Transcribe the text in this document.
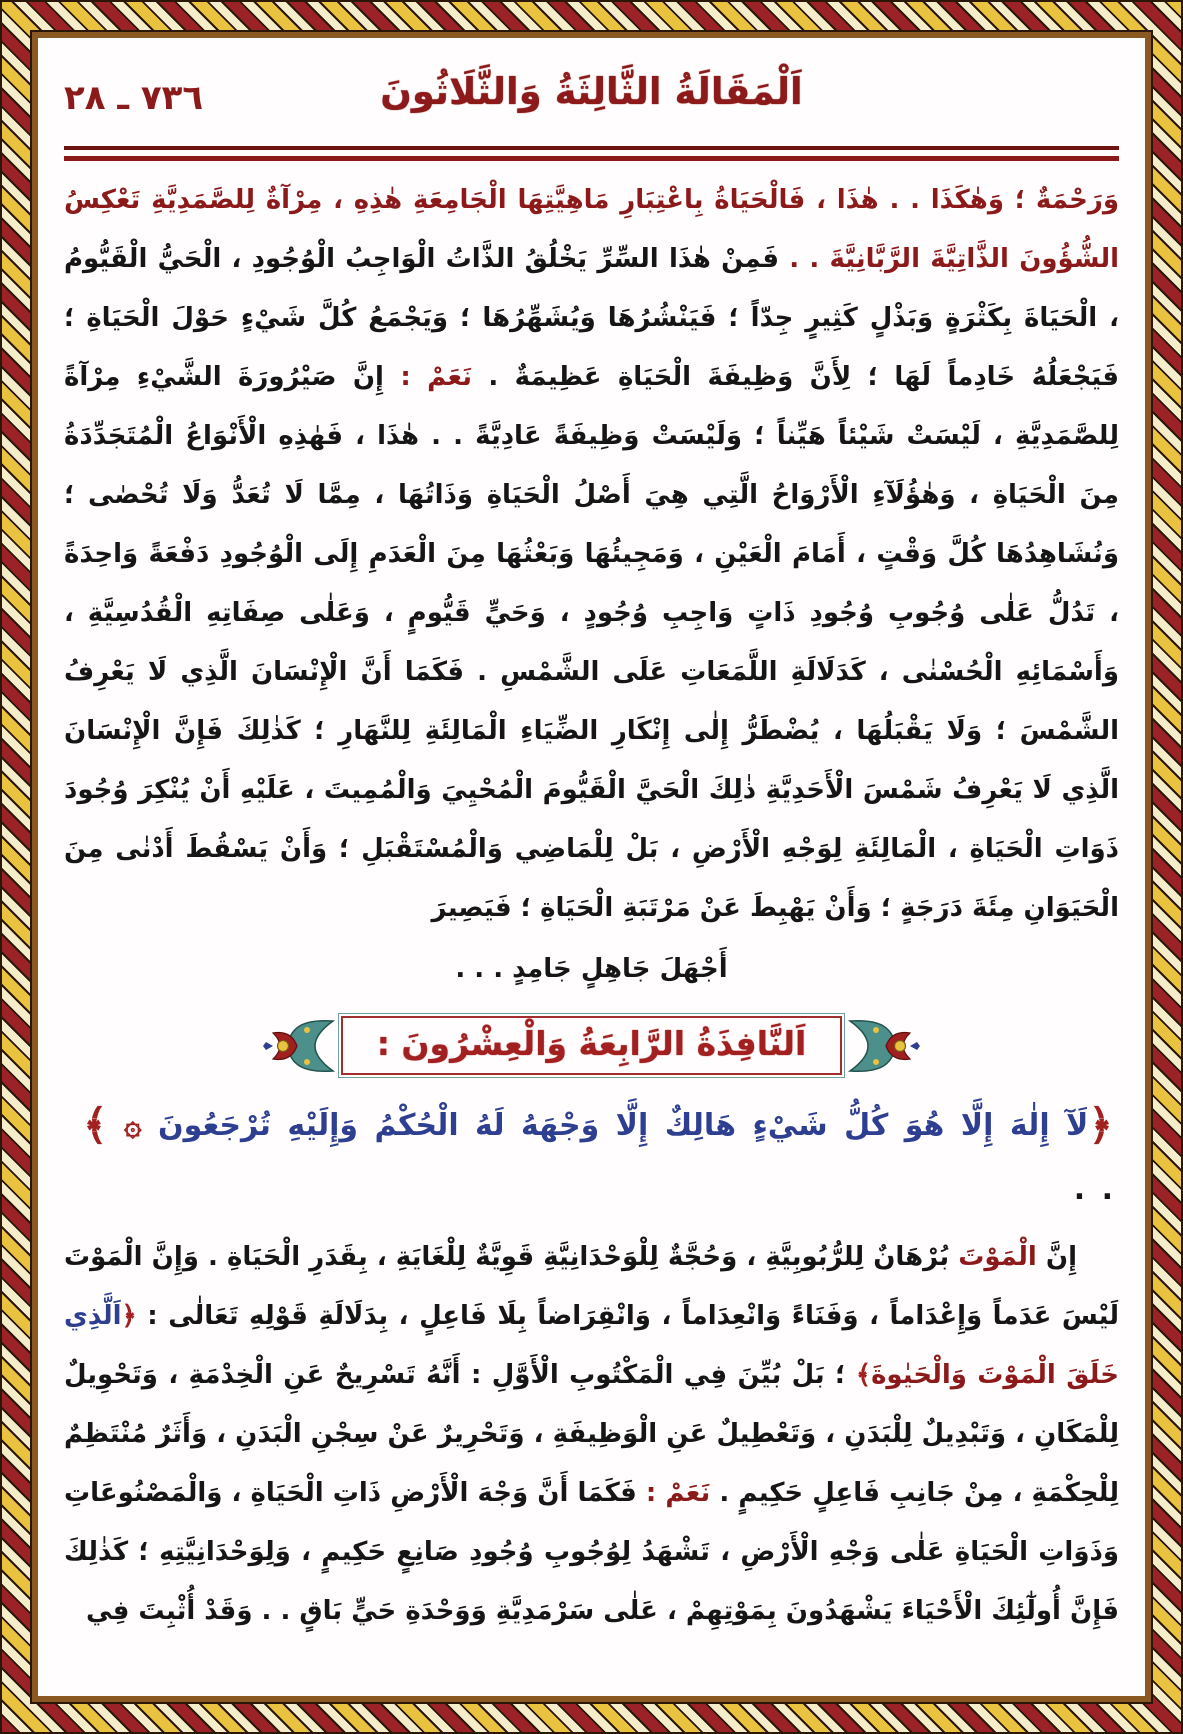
٧٣٦ ـ ٢٨	اَلْمَقَالَةُ الثَّالِثَةُ وَالثَّلَاثُونَ
وَرَحْمَةٌ ؛ وَهٰكَذَا . . هٰذَا ، فَالْحَيَاةُ بِاعْتِبَارِ مَاهِيَّتِهَا الْجَامِعَةِ هٰذِهِ ، مِرْآةٌ لِلصَّمَدِيَّةِ تَعْكِسُ الشُّؤُونَ الذَّاتِيَّةَ الرَّبَّانِيَّةَ . . فَمِنْ هٰذَا السِّرِّ يَخْلُقُ الذَّاتُ الْوَاجِبُ الْوُجُودِ ، الْحَيُّ الْقَيُّومُ ، الْحَيَاةَ بِكَثْرَةٍ وَبَذْلٍ كَثِيرٍ جِدّاً ؛ فَيَنْشُرُهَا وَيُشَهِّرُهَا ؛ وَيَجْمَعُ كُلَّ شَيْءٍ حَوْلَ الْحَيَاةِ ؛ فَيَجْعَلُهُ خَادِماً لَهَا ؛ لِأَنَّ وَظِيفَةَ الْحَيَاةِ عَظِيمَةٌ . نَعَمْ : إِنَّ صَيْرُورَةَ الشَّيْءِ مِرْآةً لِلصَّمَدِيَّةِ ، لَيْسَتْ شَيْئاً هَيِّناً ؛ وَلَيْسَتْ وَظِيفَةً عَادِيَّةً . . هٰذَا ، فَهٰذِهِ الْأَنْوَاعُ الْمُتَجَدِّدَةُ مِنَ الْحَيَاةِ ، وَهٰؤُلَآءِ الْأَرْوَاحُ الَّتِي هِيَ أَصْلُ الْحَيَاةِ وَذَاتُهَا ، مِمَّا لَا تُعَدُّ وَلَا تُحْصٰى ؛ وَنُشَاهِدُهَا كُلَّ وَقْتٍ ، أَمَامَ الْعَيْنِ ، وَمَجِيئُهَا وَبَعْثُهَا مِنَ الْعَدَمِ إِلَى الْوُجُودِ دَفْعَةً وَاحِدَةً ، تَدُلُّ عَلٰى وُجُوبِ وُجُودِ ذَاتٍ وَاجِبِ وُجُودٍ ، وَحَيٍّ قَيُّومٍ ، وَعَلٰى صِفَاتِهِ الْقُدُسِيَّةِ ، وَأَسْمَائِهِ الْحُسْنٰى ، كَدَلَالَةِ اللَّمَعَاتِ عَلَى الشَّمْسِ . فَكَمَا أَنَّ الْإِنْسَانَ الَّذِي لَا يَعْرِفُ الشَّمْسَ ؛ وَلَا يَقْبَلُهَا ، يُضْطَرُّ إِلٰى إِنْكَارِ الضِّيَاءِ الْمَالِئَةِ لِلنَّهَارِ ؛ كَذٰلِكَ فَإِنَّ الْإِنْسَانَ الَّذِي لَا يَعْرِفُ شَمْسَ الْأَحَدِيَّةِ ذٰلِكَ الْحَيَّ الْقَيُّومَ الْمُحْيِيَ وَالْمُمِيتَ ، عَلَيْهِ أَنْ يُنْكِرَ وُجُودَ ذَوَاتِ الْحَيَاةِ ، الْمَالِئَةِ لِوَجْهِ الْأَرْضِ ، بَلْ لِلْمَاضِي وَالْمُسْتَقْبَلِ ؛ وَأَنْ يَسْقُطَ أَدْنٰى مِنَ الْحَيَوَانِ مِئَةَ دَرَجَةٍ ؛ وَأَنْ يَهْبِطَ عَنْ مَرْتَبَةِ الْحَيَاةِ ؛ فَيَصِيرَ
أَجْهَلَ جَاهِلٍ جَامِدٍ . . .
اَلنَّافِذَةُ الرَّابِعَةُ وَالْعِشْرُونَ :
﴿لَآ إِلٰهَ إِلَّا هُوَ كُلُّ شَيْءٍ هَالِكٌ إِلَّا وَجْهَهُ لَهُ الْحُكْمُ وَإِلَيْهِ تُرْجَعُونَ ۞ ﴾ . .
إِنَّ الْمَوْتَ بُرْهَانٌ لِلرُّبُوبِيَّةِ ، وَحُجَّةٌ لِلْوَحْدَانِيَّةِ قَوِيَّةٌ لِلْغَايَةِ ، بِقَدَرِ الْحَيَاةِ . وَإِنَّ الْمَوْتَ لَيْسَ عَدَماً وَإِعْدَاماً ، وَفَنَاءً وَانْعِدَاماً ، وَانْقِرَاضاً بِلَا فَاعِلٍ ، بِدَلَالَةِ قَوْلِهِ تَعَالٰى : ﴿اَلَّذِي خَلَقَ الْمَوْتَ وَالْحَيٰوةَ﴾ ؛ بَلْ بُيِّنَ فِي الْمَكْتُوبِ الْأَوَّلِ : أَنَّهُ تَسْرِيحٌ عَنِ الْخِدْمَةِ ، وَتَحْوِيلٌ لِلْمَكَانِ ، وَتَبْدِيلٌ لِلْبَدَنِ ، وَتَعْطِيلٌ عَنِ الْوَظِيفَةِ ، وَتَحْرِيرٌ عَنْ سِجْنِ الْبَدَنِ ، وَأَثَرٌ مُنْتَظِمٌ لِلْحِكْمَةِ ، مِنْ جَانِبِ فَاعِلٍ حَكِيمٍ . نَعَمْ : فَكَمَا أَنَّ وَجْهَ الْأَرْضِ ذَاتِ الْحَيَاةِ ، وَالْمَصْنُوعَاتِ وَذَوَاتِ الْحَيَاةِ عَلٰى وَجْهِ الْأَرْضِ ، تَشْهَدُ لِوُجُوبِ وُجُودِ صَانِعٍ حَكِيمٍ ، وَلِوَحْدَانِيَّتِهِ ؛ كَذٰلِكَ فَإِنَّ أُولٰٓئِكَ الْأَحْيَاءَ يَشْهَدُونَ بِمَوْتِهِمْ ، عَلٰى سَرْمَدِيَّةِ وَوَحْدَةِ حَيٍّ بَاقٍ . . وَقَدْ أُثْبِتَ فِي
